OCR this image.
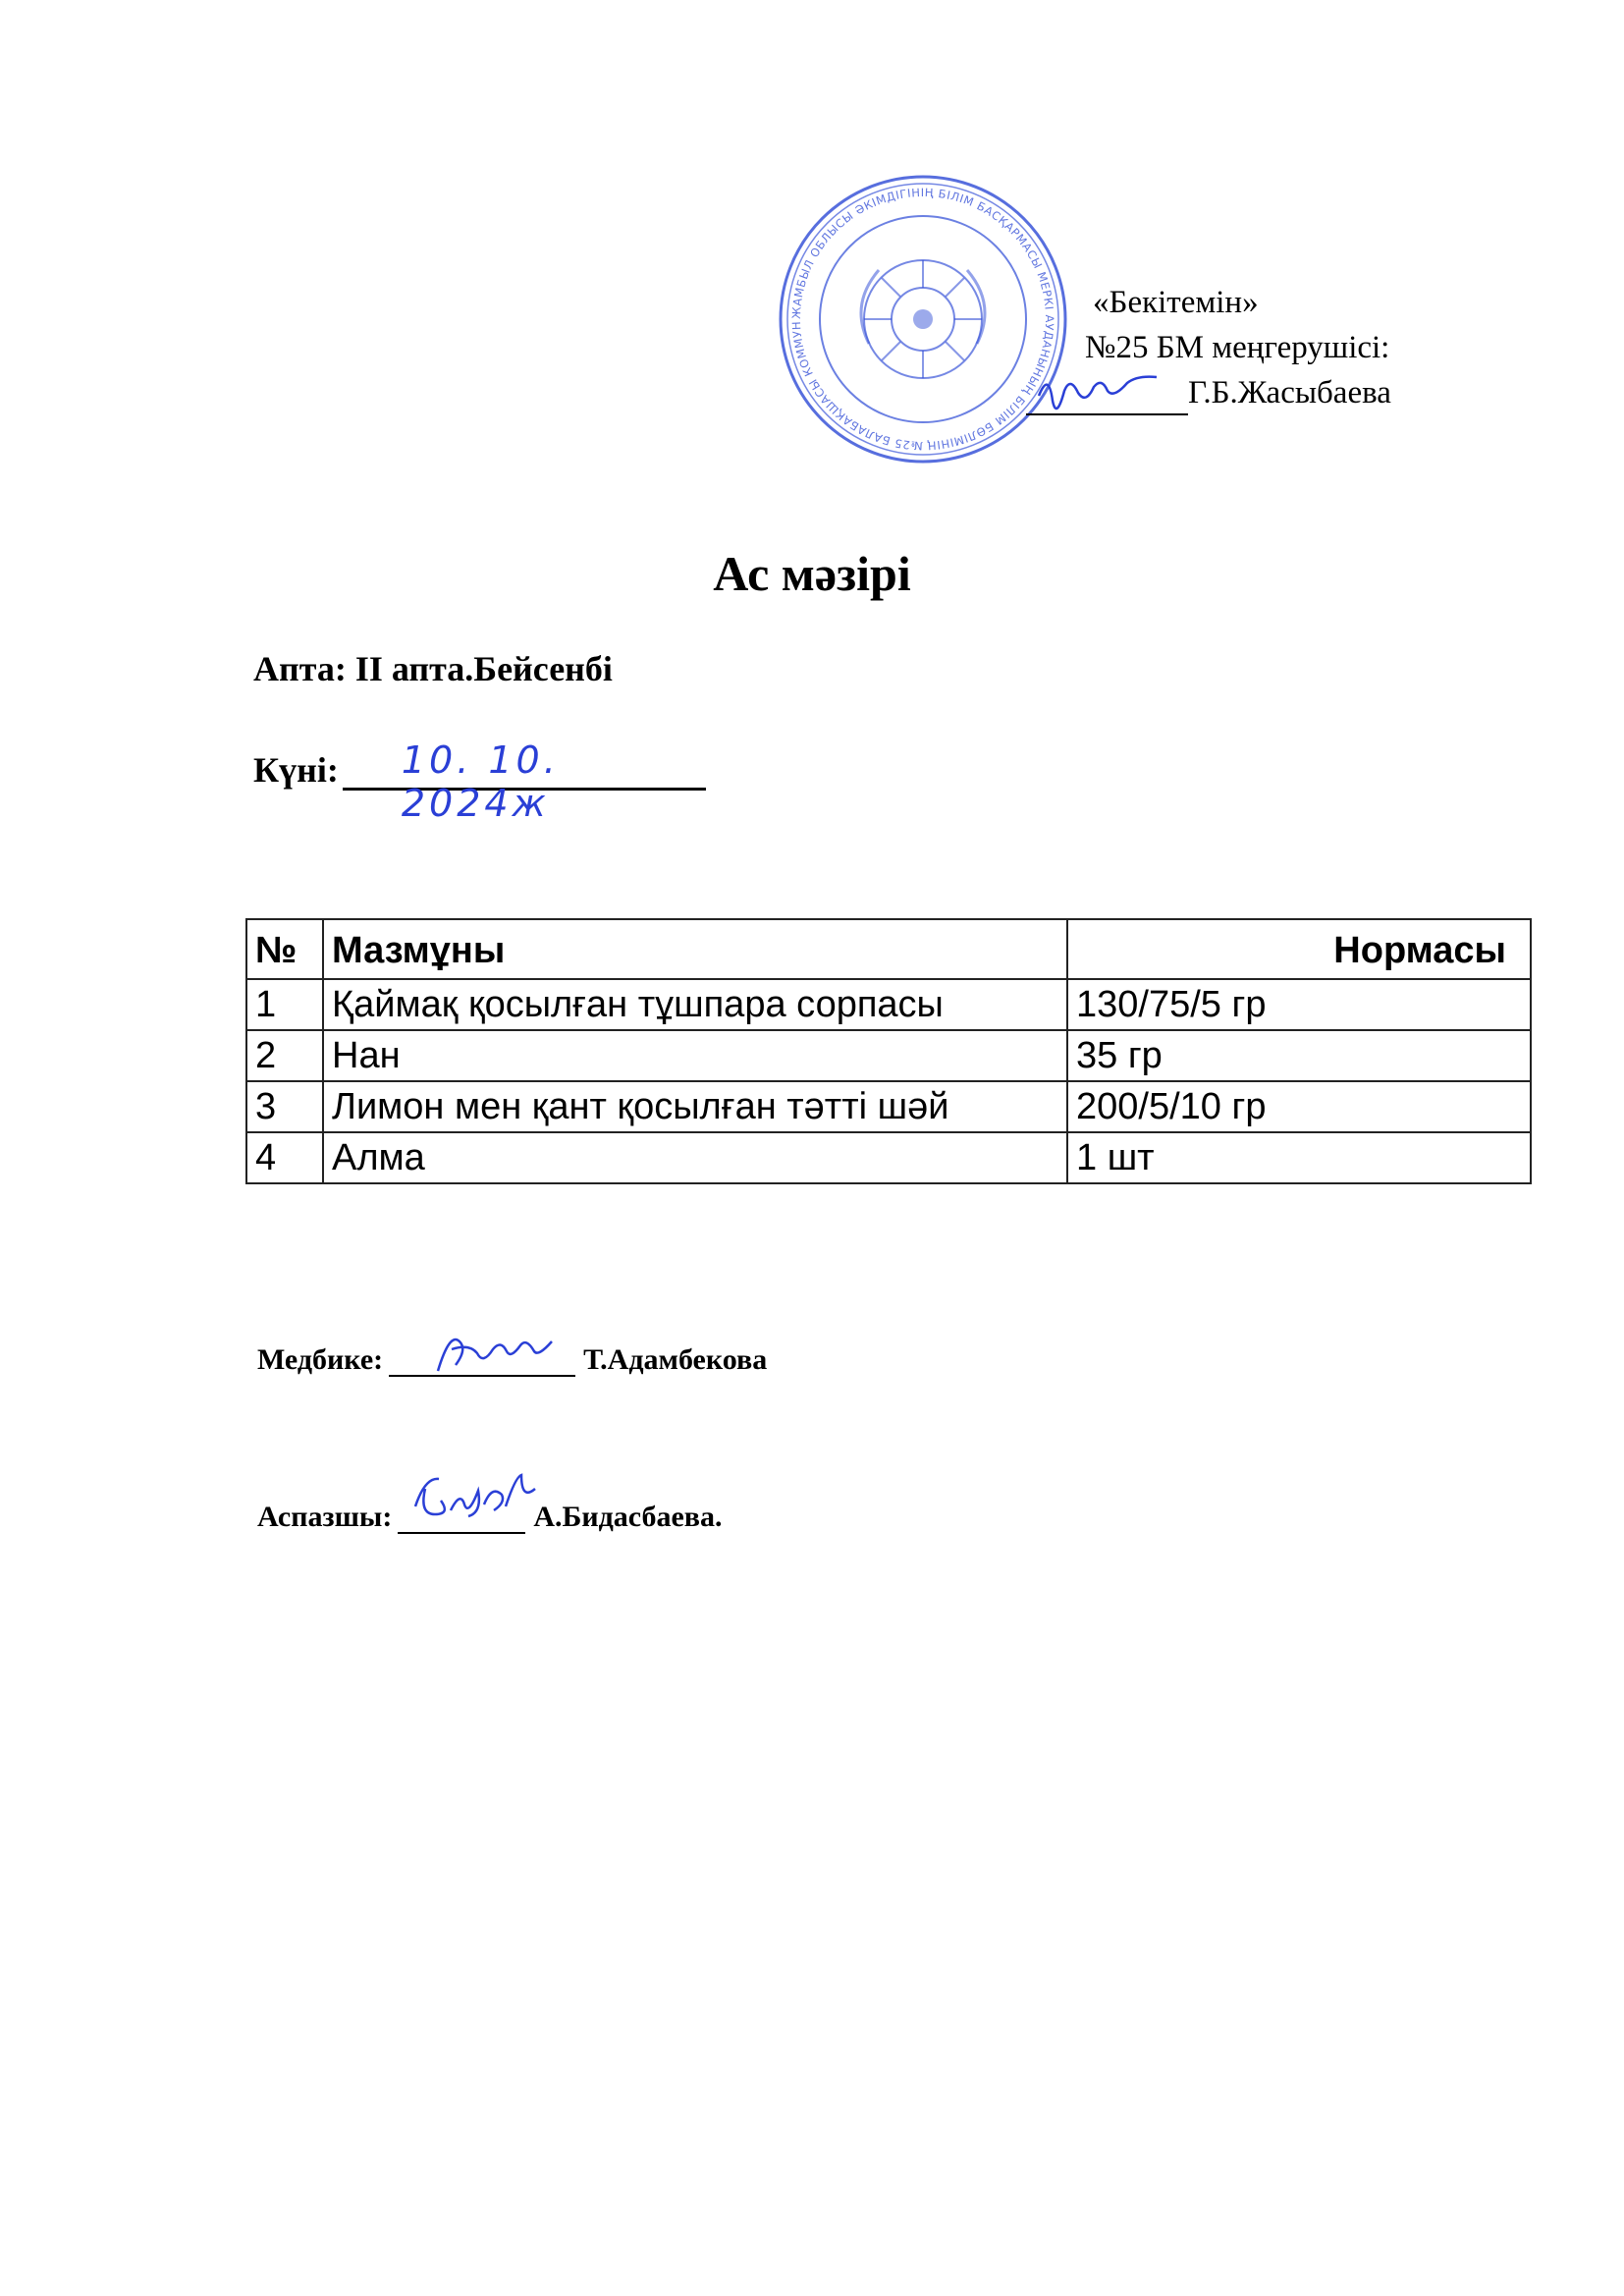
ЖАМБЫЛ ОБЛЫСЫ ӘКІМДІГІНІҢ БІЛІМ БАСҚАРМАСЫ МЕРКІ АУДАНЫНЫҢ БІЛІМ БӨЛІМІНІҢ №25 БАЛАБАҚШАСЫ КОММУН
«Бекітемін»
№25 БМ меңгерушісі:
Г.Б.Жасыбаева
Ас мәзірі
Апта: II апта.Бейсенбі
Күні: 10. 10. 2024ж
№	Мазмұны	Нормасы
1	Қаймақ қосылған тұшпара сорпасы	130/75/5 гр
2	Нан	35 гр
3	Лимон мен қант қосылған тәтті шәй	200/5/10 гр
4	Алма	1 шт
Медбике:	Т.Адамбекова
Аспазшы:	А.Бидасбаева.
